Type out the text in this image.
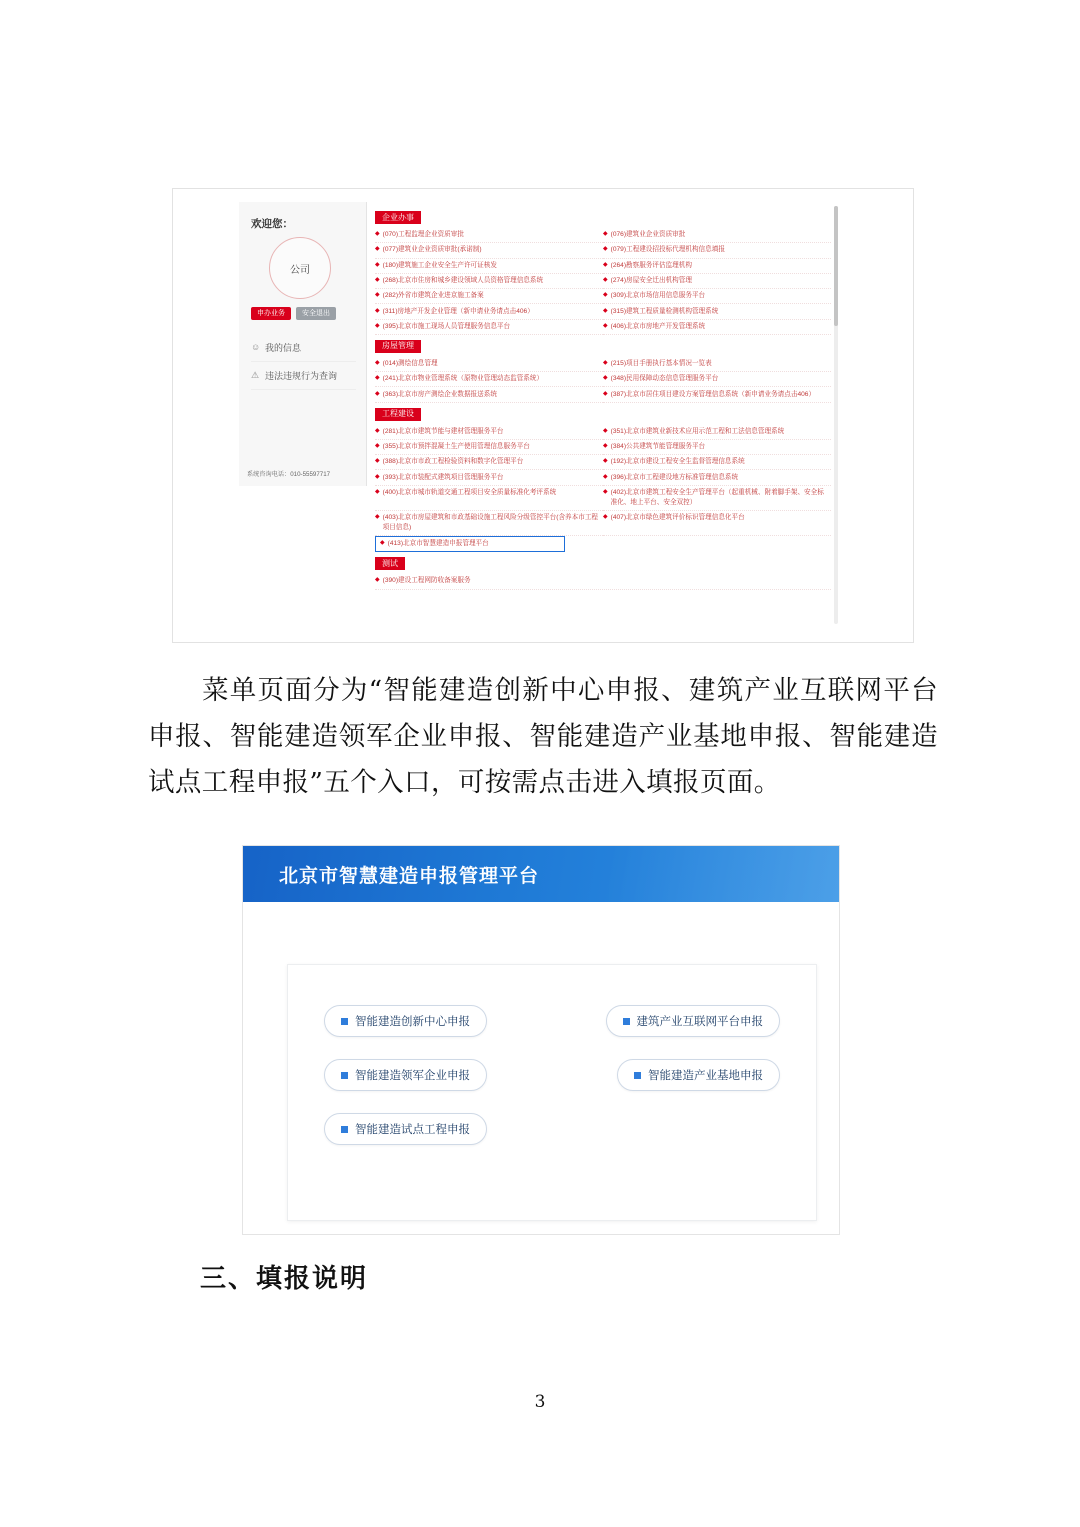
欢迎您：
公司
申办业务	安全退出
☺ 我的信息
⚠ 违法违规行为查询
系统咨询电话：010-55597717
企业办事
◆ (070)工程监理企业资质审批	◆ (076)建筑业企业资质审批
◆ (077)建筑业企业资质审批(承诺制)	◆ (079)工程建设招投标代理机构信息填报
◆ (180)建筑施工企业安全生产许可证核发	◆ (264)勘察服务评估监理机构
◆ (268)北京市住房和城乡建设领域人员资格管理信息系统	◆ (274)房屋安全迁出机构管理
◆ (282)外省市建筑企业进京施工备案	◆ (309)北京市场信用信息服务平台
◆ (311)房地产开发企业管理（新申请业务请点击406）	◆ (315)建筑工程质量检测机构管理系统
◆ (395)北京市施工现场人员管理服务信息平台	◆ (406)北京市房地产开发管理系统
房屋管理
◆ (014)测绘信息管理	◆ (215)项目手册执行基本情况一览表
◆ (241)北京市物业管理系统（原物业管理动态监管系统）	◆ (348)民用保障动态信息管理服务平台
◆ (363)北京市房产测绘企业数据报送系统	◆ (387)北京市居住项目建设方案管理信息系统（新申请业务请点击406）
工程建设
◆ (281)北京市建筑节能与建材管理服务平台	◆ (351)北京市建筑业新技术应用示范工程和工法信息管理系统
◆ (355)北京市预拌混凝土生产使用管理信息服务平台	◆ (384)公共建筑节能管理服务平台
◆ (388)北京市市政工程检验资料和数字化管理平台	◆ (192)北京市建设工程安全生监督管理信息系统
◆ (393)北京市装配式建筑项目管理服务平台	◆ (396)北京市工程建设地方标准管理信息系统
◆ (400)北京市城市轨道交通工程项目安全质量标准化考评系统	◆ (402)北京市建筑工程安全生产管理平台（起重机械、附着脚手架、安全标准化、地上平台、安全双控）
◆ (403)北京市房屋建筑和市政基础设施工程风险分级管控平台(含养本市工程项目信息)
◆ (407)北京市绿色建筑评价标识管理信息化平台
◆ (413)北京市智慧建造申报管理平台
测试
◆ (390)建设工程网防收备案服务
菜单页面分为“智能建造创新中心申报、建筑产业互联网平台申报、智能建造领军企业申报、智能建造产业基地申报、智能建造试点工程申报”五个入口，可按需点击进入填报页面。
北京市智慧建造申报管理平台
智能建造创新中心申报	建筑产业互联网平台申报
智能建造领军企业申报	智能建造产业基地申报
智能建造试点工程申报
三、填报说明
3
